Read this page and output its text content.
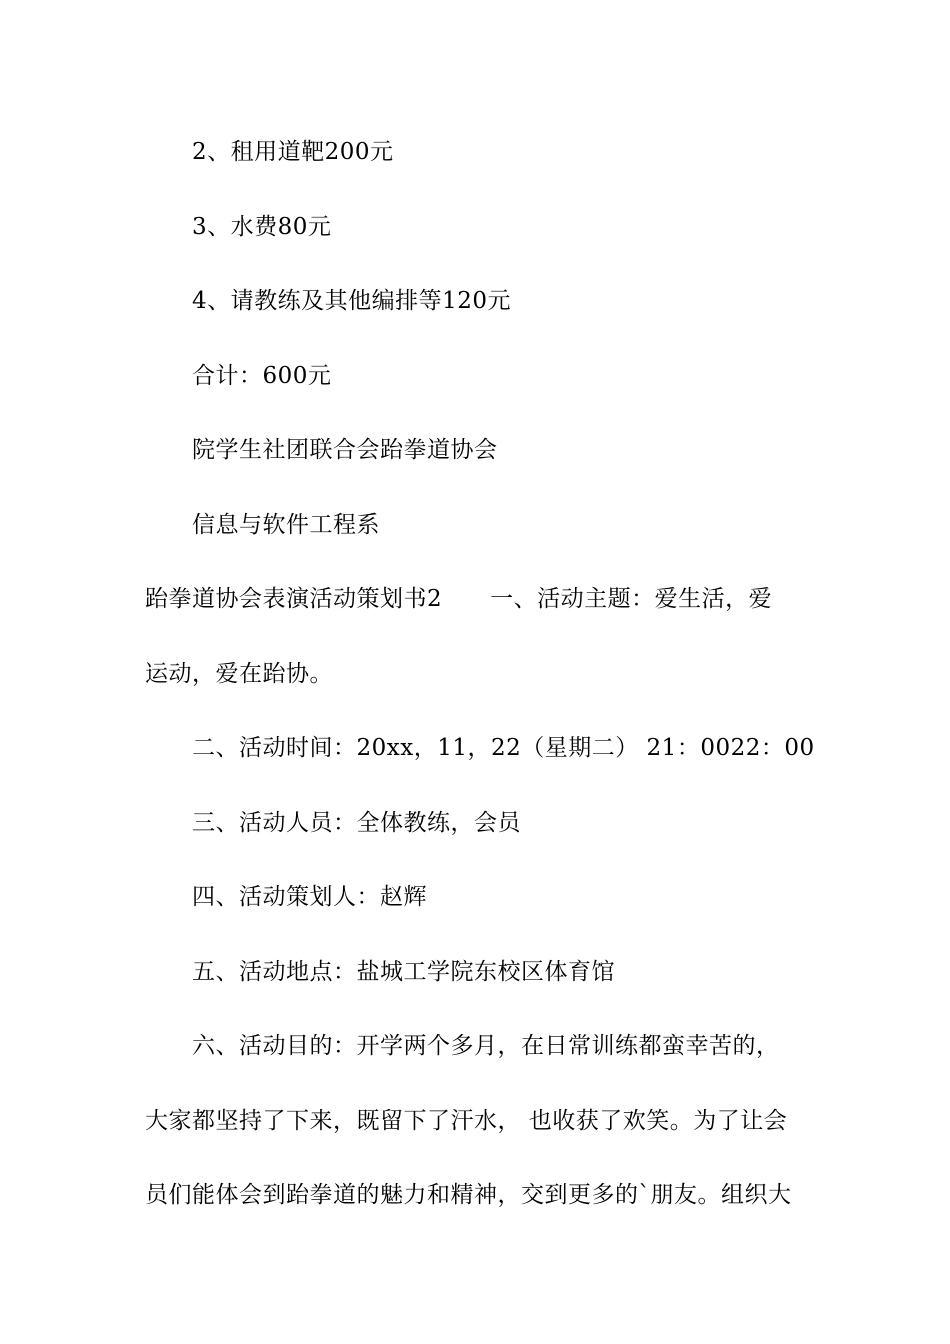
2、租用道靶200元
3、水费80元
4、请教练及其他编排等120元
合计：600元
院学生社团联合会跆拳道协会
信息与软件工程系
跆拳道协会表演活动策划书2 一、活动主题：爱生活，爱
运动，爱在跆协。
二、活动时间：20xx，11，22（星期二） 21：0022：00
三、活动人员：全体教练，会员
四、活动策划人：赵辉
五、活动地点：盐城工学院东校区体育馆
六、活动目的：开学两个多月，在日常训练都蛮幸苦的，
大家都坚持了下来，既留下了汗水， 也收获了欢笑。为了让会
员们能体会到跆拳道的魅力和精神，交到更多的`朋友。组织大
